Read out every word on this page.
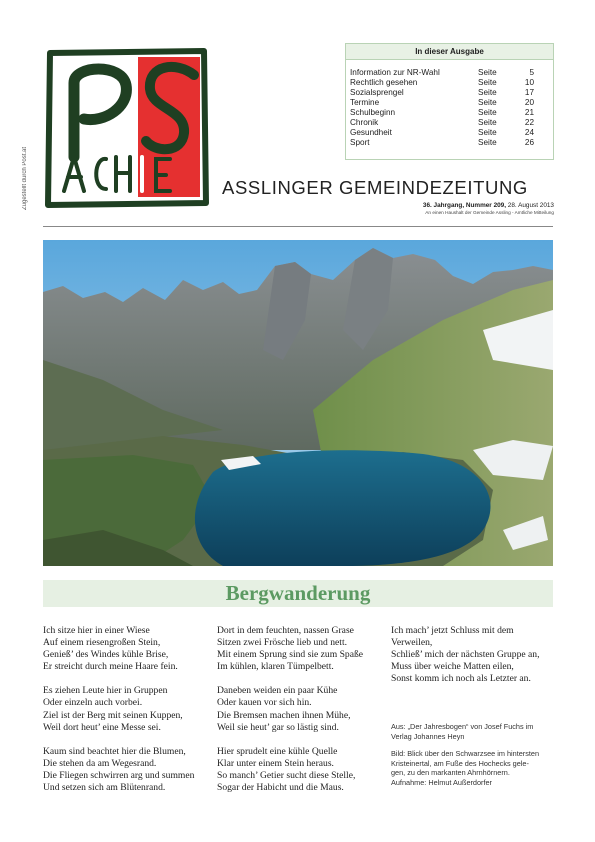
Zugestellt durch Post.at
In dieser Ausgabe
Information zur NR-Wahl	Seite	5
Rechtlich gesehen	Seite	10
Sozialsprengel	Seite	17
Termine	Seite	20
Schulbeginn	Seite	21
Chronik	Seite	22
Gesundheit	Seite	24
Sport	Seite	26
ASSLINGER GEMEINDEZEITUNG
36. Jahrgang, Nummer 209, 28. August 2013
An einen Haushalt der Gemeinde Assling - Amtliche Mitteilung
Bergwanderung

Ich sitze hier in einer Wiese
Auf einem riesengroßen Stein,
Genieß’ des Windes kühle Brise,
Er streicht durch meine Haare fein.

Es ziehen Leute hier in Gruppen
Oder einzeln auch vorbei.
Ziel ist der Berg mit seinen Kuppen,
Weil dort heut’ eine Messe sei.

Kaum sind beachtet hier die Blumen,
Die stehen da am Wegesrand.
Die Fliegen schwirren arg und summen
Und setzen sich am Blütenrand.

Dort in dem feuchten, nassen Grase
Sitzen zwei Frösche lieb und nett.
Mit einem Sprung sind sie zum Spaße
Im kühlen, klaren Tümpelbett.

Daneben weiden ein paar Kühe
Oder kauen vor sich hin.
Die Bremsen machen ihnen Mühe,
Weil sie heut’ gar so lästig sind.

Hier sprudelt eine kühle Quelle
Klar unter einem Stein heraus.
So manch’ Getier sucht diese Stelle,
Sogar der Habicht und die Maus.

Ich mach’ jetzt Schluss mit dem Verweilen,
Schließ’ mich der nächsten Gruppe an,
Muss über weiche Matten eilen,
Sonst komm ich noch als Letzter an.

Aus: „Der Jahresbogen“ von Josef Fuchs im
Verlag Johannes Heyn

Bild: Blick über den Schwarzsee im hintersten
Kristeinertal, am Fuße des Hochecks gele-
gen, zu den markanten Ahrnhörnern.
Aufnahme: Helmut Außerdorfer
